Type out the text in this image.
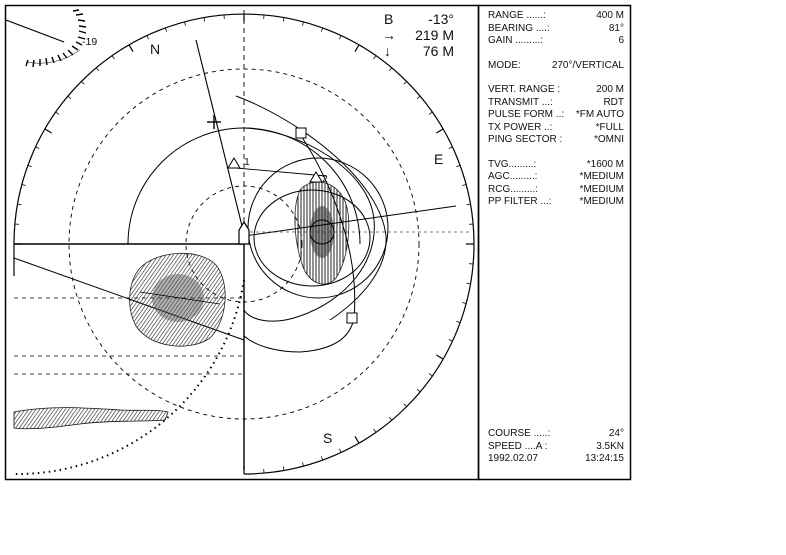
-19
B -13°
→ 219 M
↓ 76 M
N
E
S
1
2
RANGE ......:	400 M
BEARING ....:	81°
GAIN .........:	6
MODE:	270°/VERTICAL
VERT. RANGE :	200 M
TRANSMIT ...:	RDT
PULSE FORM ..: *FM AUTO
TX POWER ..:	*FULL
PING SECTOR :	*OMNI
TVG.........:	*1600 M
AGC.........:	*MEDIUM
RCG.........:	*MEDIUM
PP FILTER ...:	*MEDIUM
COURSE .....:	24°
SPEED ....A :	3.5KN
1992.02.07	13:24:15
